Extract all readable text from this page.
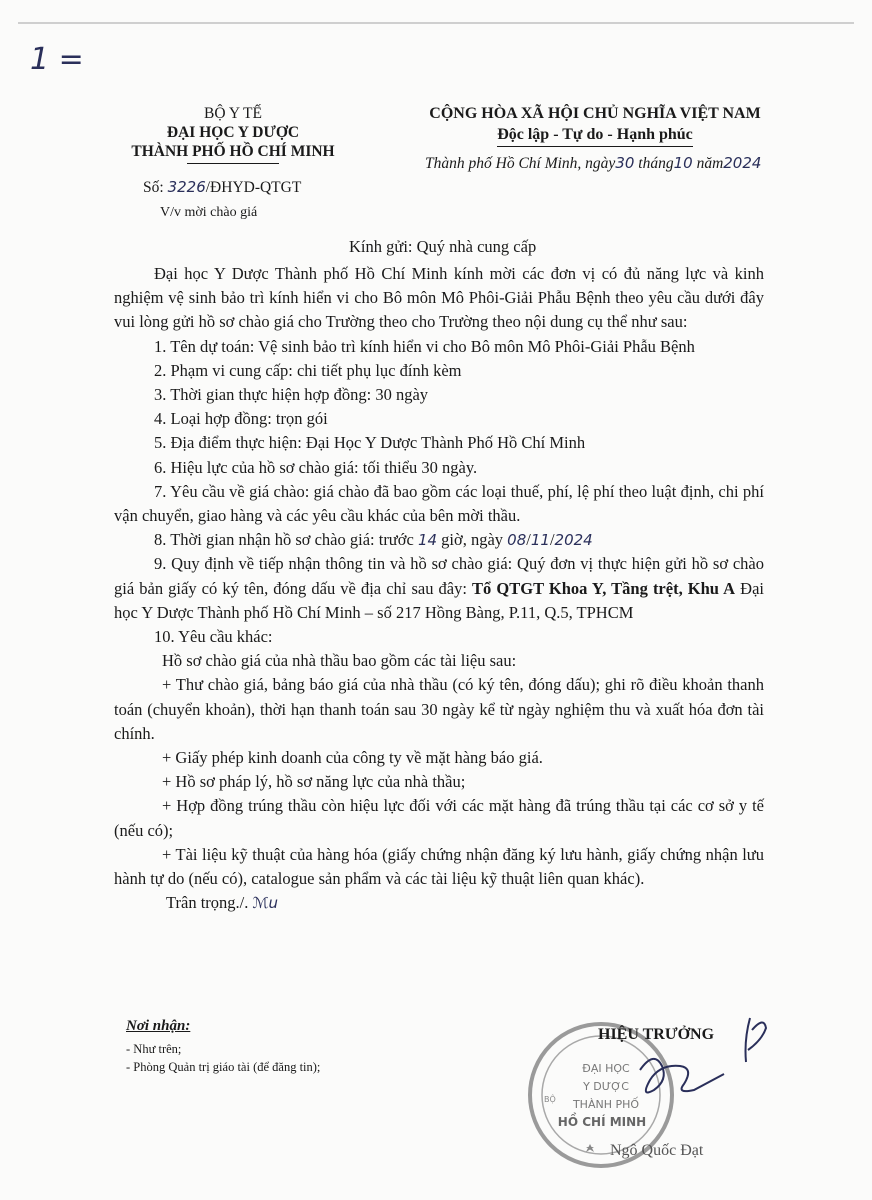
1 =
BỘ Y TẾ
ĐẠI HỌC Y DƯỢC
THÀNH PHỐ HỒ CHÍ MINH
Số: 3226/ĐHYD-QTGT
V/v mời chào giá
CỘNG HÒA XÃ HỘI CHỦ NGHĨA VIỆT NAM
Độc lập - Tự do - Hạnh phúc
Thành phố Hồ Chí Minh, ngày30 tháng10 năm2024
Kính gửi: Quý nhà cung cấp

Đại học Y Dược Thành phố Hồ Chí Minh kính mời các đơn vị có đủ năng lực và kinh nghiệm vệ sinh bảo trì kính hiển vi cho Bô môn Mô Phôi-Giải Phẫu Bệnh theo yêu cầu dưới đây vui lòng gửi hồ sơ chào giá cho Trường theo cho Trường theo nội dung cụ thể như sau:

1. Tên dự toán: Vệ sinh bảo trì kính hiển vi cho Bô môn Mô Phôi-Giải Phẫu Bệnh

2. Phạm vi cung cấp: chi tiết phụ lục đính kèm

3. Thời gian thực hiện hợp đồng: 30 ngày

4. Loại hợp đồng: trọn gói

5. Địa điểm thực hiện: Đại Học Y Dược Thành Phố Hồ Chí Minh

6. Hiệu lực của hồ sơ chào giá: tối thiểu 30 ngày.

7. Yêu cầu về giá chào: giá chào đã bao gồm các loại thuế, phí, lệ phí theo luật định, chi phí vận chuyển, giao hàng và các yêu cầu khác của bên mời thầu.

8. Thời gian nhận hồ sơ chào giá: trước 14 giờ, ngày 08/11/2024

9. Quy định về tiếp nhận thông tin và hồ sơ chào giá: Quý đơn vị thực hiện gửi hồ sơ chào giá bản giấy có ký tên, đóng dấu về địa chỉ sau đây: Tổ QTGT Khoa Y, Tầng trệt, Khu A Đại học Y Dược Thành phố Hồ Chí Minh – số 217 Hồng Bàng, P.11, Q.5, TPHCM

10. Yêu cầu khác:

Hồ sơ chào giá của nhà thầu bao gồm các tài liệu sau:

+ Thư chào giá, bảng báo giá của nhà thầu (có ký tên, đóng dấu); ghi rõ điều khoản thanh toán (chuyển khoản), thời hạn thanh toán sau 30 ngày kể từ ngày nghiệm thu và xuất hóa đơn tài chính.

+ Giấy phép kinh doanh của công ty về mặt hàng báo giá.

+ Hồ sơ pháp lý, hồ sơ năng lực của nhà thầu;

+ Hợp đồng trúng thầu còn hiệu lực đối với các mặt hàng đã trúng thầu tại các cơ sở y tế (nếu có);

+ Tài liệu kỹ thuật của hàng hóa (giấy chứng nhận đăng ký lưu hành, giấy chứng nhận lưu hành tự do (nếu có), catalogue sản phẩm và các tài liệu kỹ thuật liên quan khác).

Trân trọng./. ℳu

Nơi nhận:
- Như trên;
- Phòng Quản trị giáo tài (để đăng tin);	ĐẠI HỌC
Y DƯỢC
THÀNH PHỐ
HỒ CHÍ MINH
BỘ
HIỆU TRƯỞNG
Ngô Quốc Đạt
